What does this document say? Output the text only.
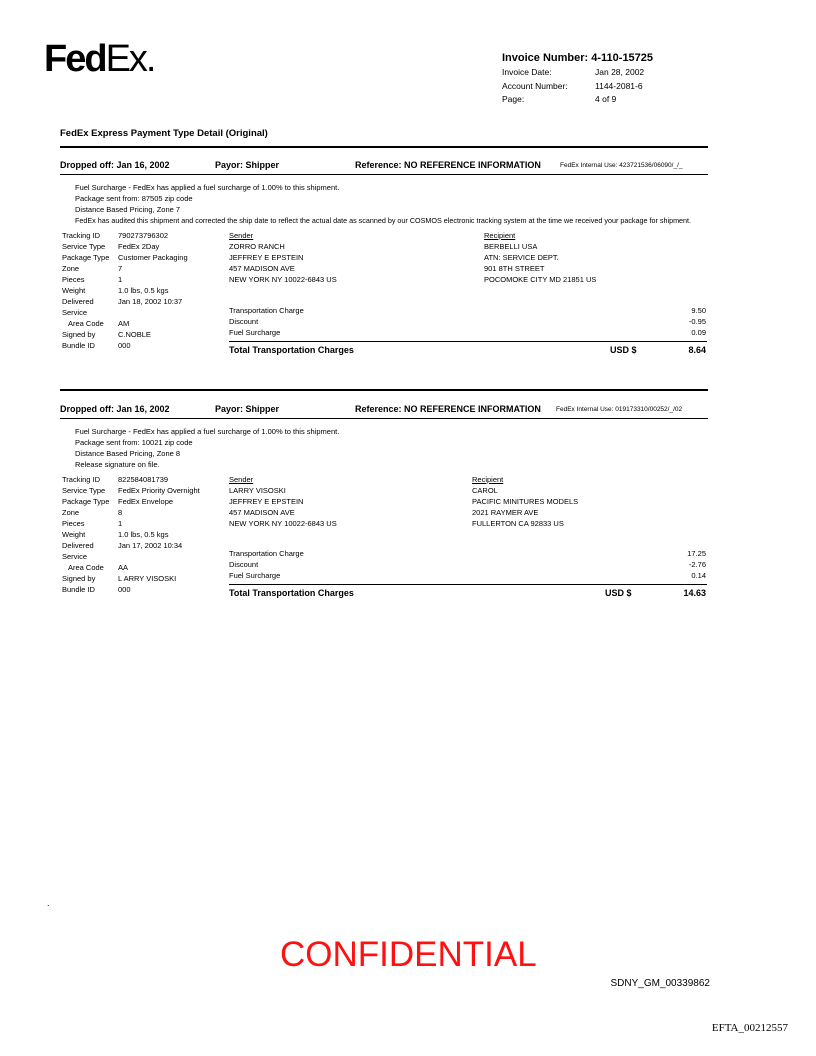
FedEx.	Invoice Number: 4-110-15725
Invoice Date:	Jan 28, 2002
Account Number:	1144-2081-6
Page:	4 of 9
FedEx Express Payment Type Detail (Original)
Dropped off: Jan 16, 2002	Payor: Shipper	Reference: NO REFERENCE INFORMATION	FedEx Internal Use: 423721536/06090/_/_
Fuel Surcharge - FedEx has applied a fuel surcharge of 1.00% to this shipment.
Package sent from: 87505 zip code
Distance Based Pricing, Zone 7
FedEx has audited this shipment and corrected the ship date to reflect the actual date as scanned by our COSMOS electronic tracking system at the time we received your package for shipment.
Tracking ID 790273796302
Service Type FedEx 2Day
Package Type Customer Packaging
Zone	7
Pieces	1
Weight	1.0 lbs, 0.5 kgs
Delivered	Jan 18, 2002 10:37
Service
Area Code AM
Signed by	C.NOBLE
Bundle ID	000
Sender
ZORRO RANCH
JEFFREY E EPSTEIN
457 MADISON AVE
NEW YORK NY 10022-6843 US
Recipient
BERBELLI USA
ATN: SERVICE DEPT.
901 8TH STREET
POCOMOKE CITY MD 21851 US
Transportation Charge	9.50
Discount	-0.95
Fuel Surcharge	0.09
Total Transportation Charges	USD $	8.64
Dropped off: Jan 16, 2002	Payor: Shipper	Reference: NO REFERENCE INFORMATION FedEx Internal Use: 019173310/00252/_/02
Fuel Surcharge - FedEx has applied a fuel surcharge of 1.00% to this shipment.
Package sent from: 10021 zip code
Distance Based Pricing, Zone 8
Release signature on file.
Tracking ID 822584081739
Service Type FedEx Priority Overnight
Package Type FedEx Envelope
Zone	8
Pieces	1
Weight	1.0 lbs, 0.5 kgs
Delivered	Jan 17, 2002 10:34
Service
Area Code AA
Signed by	L ARRY VISOSKI
Bundle ID	000
Sender
LARRY VISOSKI
JEFFREY E EPSTEIN
457 MADISON AVE
NEW YORK NY 10022-6843 US
Recipient
CAROL
PACIFIC MINITURES MODELS
2021 RAYMER AVE
FULLERTON CA 92833 US
Transportation Charge	17.25
Discount	-2.76
Fuel Surcharge	0.14
Total Transportation Charges	USD $	14.63
.
CONFIDENTIAL
SDNY_GM_00339862
EFTA_00212557
